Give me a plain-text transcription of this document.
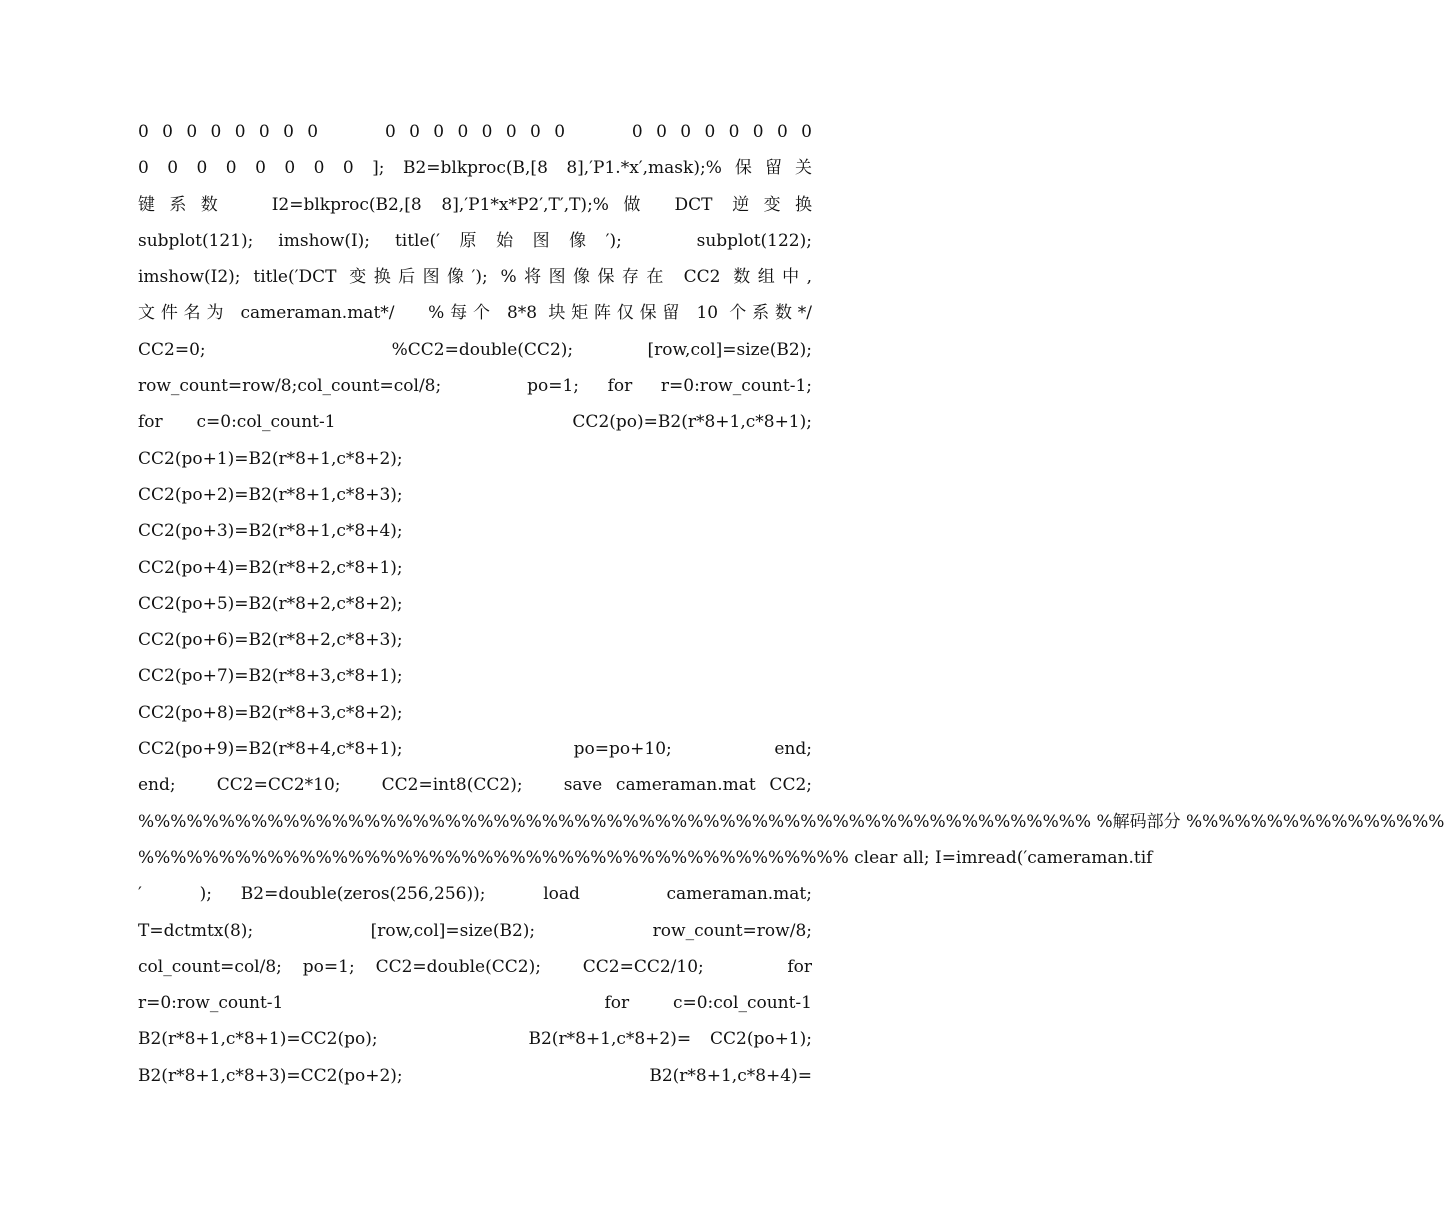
0 0 0 0 0 0 0 0     0 0 0 0 0 0 0 0     0 0 0 0 0 0 0 0
0 0 0 0 0 0 0 0 ]; B2=blkproc(B,[8 8],′P1.*x′,mask);%保留关
键系数  I2=blkproc(B2,[8 8],′P1*x*P2′,T′,T);%做 DCT 逆变换
subplot(121); imshow(I); title(′原始图像′);   subplot(122);
imshow(I2); title(′DCT 变换后图像′); %将图像保存在 CC2 数组中,
文件名为 cameraman.mat*/   %每个 8*8 块矩阵仅保留 10 个系数*/
CC2=0;          %CC2=double(CC2);    [row,col]=size(B2);
row_count=row/8;col_count=col/8;   po=1; for r=0:row_count-1;
for  c=0:col_count-1              CC2(po)=B2(r*8+1,c*8+1);
CC2(po+1)=B2(r*8+1,c*8+2);
CC2(po+2)=B2(r*8+1,c*8+3);
CC2(po+3)=B2(r*8+1,c*8+4);
CC2(po+4)=B2(r*8+2,c*8+1);
CC2(po+5)=B2(r*8+2,c*8+2);
CC2(po+6)=B2(r*8+2,c*8+3);
CC2(po+7)=B2(r*8+3,c*8+1);
CC2(po+8)=B2(r*8+3,c*8+2);
CC2(po+9)=B2(r*8+4,c*8+1);          po=po+10;      end;
end;   CC2=CC2*10;   CC2=int8(CC2);   save cameraman.mat CC2;
%%%%%%%%%%%%%%%%%%%%%%%%%%%%%%%%%%%%%%%%%%%%%%%%%%%%%%%%%%% %解码部分 %%%%%%%%%%%%%%%%
%%%%%%%%%%%%%%%%%%%%%%%%%%%%%%%%%%%%%%%%%%%% clear all; I=imread(′cameraman.tif
′  ); B2=double(zeros(256,256));  load   cameraman.mat;
T=dctmtx(8);      [row,col]=size(B2);      row_count=row/8;
col_count=col/8; po=1; CC2=double(CC2);  CC2=CC2/10;    for
r=0:row_count-1                      for   c=0:col_count-1
B2(r*8+1,c*8+1)=CC2(po);        B2(r*8+1,c*8+2)= CC2(po+1);
B2(r*8+1,c*8+3)=CC2(po+2);              B2(r*8+1,c*8+4)=
